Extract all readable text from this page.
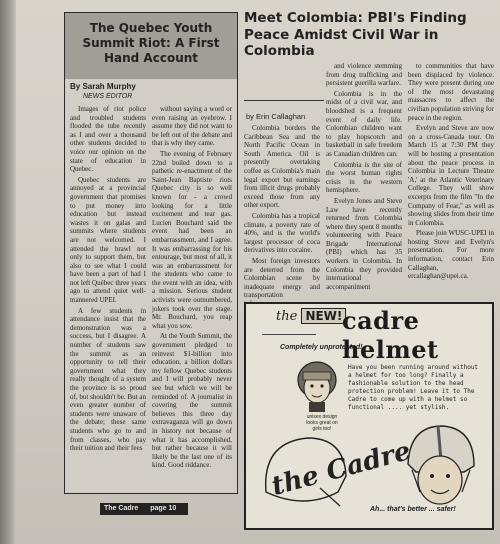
The Quebec Youth Summit Riot: A First Hand Account
By Sarah Murphy
NEWS EDITOR

Images of riot police and troubled students flooded the tube recently as I and over a thousand other students decided to voice our opinion on the state of education in Quebec.

Quebec students are annoyed at a provincial government that promises to put money into education but instead wastes it on galas and summits where students are not welcomed. I attended the brawl not only to support them, but also to see what I could have been a part of had I not left Québec three years ago to attend quiet well-mannered UPEI.

A few students in attendance insist that the demonstration was a success, but I disagree. A number of students saw the summit as an opportunity to tell their government what they really thought of a system the province is so proud of, but shouldn't be. But an even greater number of students were unaware of the debate; these same students who go to and from classes, who pay their tuition and their fees

without saying a word or even raising an eyebrow. I assume they did not want to be left out of the debate and that is why they came.

The evening of February 22nd boiled down to a pathetic re-enactment of the Saint-Jean Baptiste riots Quebec city is so well known for - a crowd looking for a little excitement and tear gas. Lucien Bouchard said the event had been an embarrassment, and I agree. It was embarrassing for his entourage, but most of all, it was an embarrassment for the students who came to the event with an idea, with a mission. Serious student activists were outnumbered, jokers took over the stage. Mr. Bouchard, you reap what you sow.

At the Youth Summit, the government pledged to reinvest $1-billion into education, a billion dollars my fellow Quebec students and I will probably never see but which we will be reminded of. A journalist in covering the summit believes this three day extravaganza will go down in history not because of what it has accomplished, but rather because it will likely be the last one of its kind. Good riddance.

The Cadre page 10
Meet Colombia: PBI's Finding Peace Amidst Civil War in Colombia
by Erin Callaghan

Colombia borders the Caribbean Sea and the North Pacific Ocean in South America. Oil is presently overtaking coffee as Colombia's main legal export but earnings from illicit drugs probably exceed those from any other export.

Colombia has a tropical climate, a poverty rate of 40%, and is the world's largest processor of coca derivatives into cocaine.

Most foreign investors are deterred from the Colombian scene by inadequate energy and transportation

and violence stemming from drug trafficking and persistent guerilla warfare.

Colombia is in the midst of a civil war, and bloodshed is a frequent event of daily life. Colombian children want to play hopscotch and basketball in safe freedom as Canadian children can.

Colombia is the site of the worst human rights crisis in the western hemisphere.

Evelyn Jones and Steve Law have recently returned from Colombia where they spent 8 months volunteering with Peace Brigade International (PBI) which has 35 workers in Colombia. In Colombia they provided international accompaniment

to communities that have been displaced by violence. They were present during one of the most devastating massacres to affect the civilian population striving for peace in the region.

Evelyn and Steve are now on a cross-Canada tour. On March 15 at 7:30 PM they will be hosting a presentation about the peace process in Colombia in Lecture Theatre 'A,' at the Atlantic Veterinary College. They will show excerpts from the film "In the Company of Fear," as well as showing slides from their time in Colombia.

Please join WUSC-UPEI in hosting Steve and Evelyn's presentation. For more information, contact Erin Callaghan, ercallaghan@upei.ca.

the NEW! cadre helmet
Completely unprotected!
unisex design looks great on girls too!
Have you been running around without a helmet for too long? Finally a fashionable solution to the head protection problem! Leave it to The Cadre to come up with a helmet so functional .... yet stylish.
the Cadre
Ah... that's better ... safer!
